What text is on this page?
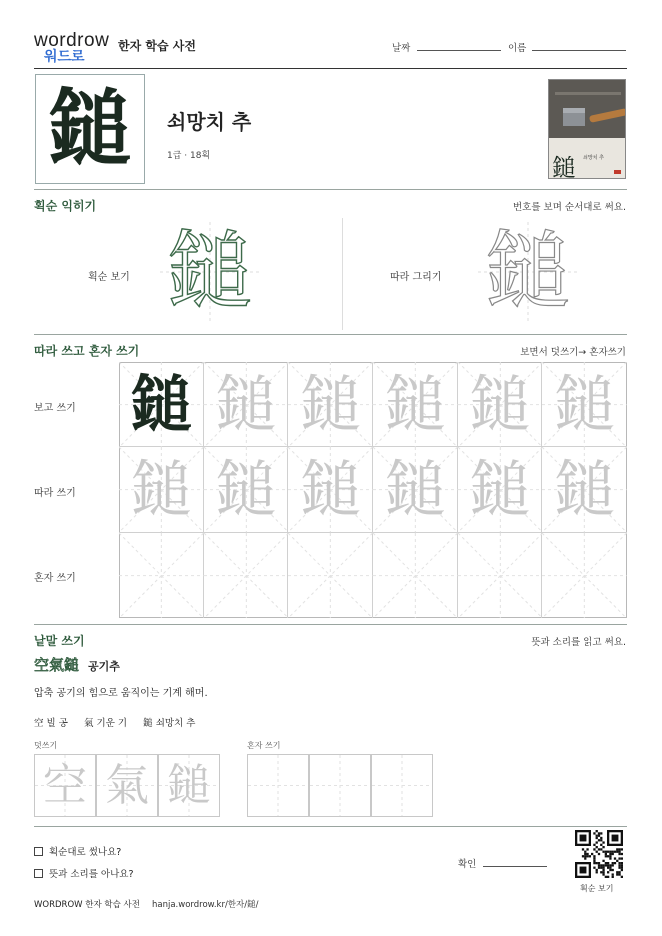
wordrow
워드로
한자 학습 사전	날짜	이름
鎚	쇠망치 추
1급 · 18획	鎚 쇠망치 추
획순 익히기	번호를 보며 순서대로 써요.
획순 보기 鎚	따라 그리기 鎚
따라 쓰고 혼자 쓰기	보면서 덧쓰기→ 혼자쓰기
보고 쓰기
따라 쓰기
혼자 쓰기
鎚 鎚 鎚 鎚 鎚 鎚
鎚 鎚 鎚 鎚 鎚 鎚
낱말 쓰기	뜻과 소리를 읽고 써요.
空氣鎚 공기추
압축 공기의 힘으로 움직이는 기계 해머.
空 빌 공 氣 기운 기 鎚 쇠망치 추
덧쓰기	혼자 쓰기
空 氣 鎚
획순대로 썼나요?
뜻과 소리를 아나요?
확인
획순 보기
WORDROW 한자 학습 사전 hanja.wordrow.kr/한자/鎚/
